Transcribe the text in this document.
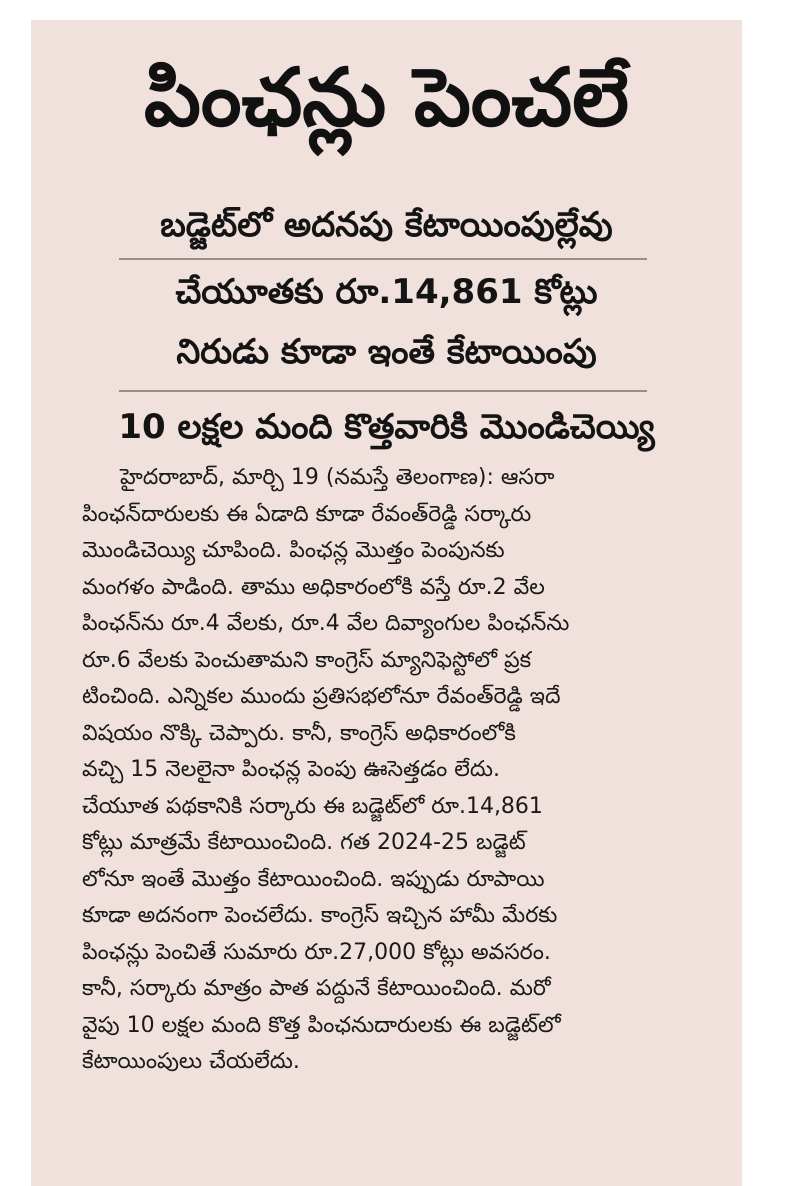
పింఛన్లు పెంచలే
బడ్జెట్‌లో అదనపు కేటాయింపుల్లేవు
చేయూతకు రూ.14,861 కోట్లు
నిరుడు కూడా ఇంతే కేటాయింపు
10 లక్షల మంది కొత్తవారికి మొండిచెయ్యి
హైదరాబాద్, మార్చి 19 (నమస్తే తెలంగాణ): ఆసరా
పింఛన్‌దారులకు ఈ ఏడాది కూడా రేవంత్‌రెడ్డి సర్కారు
మొండిచెయ్యి చూపింది. పింఛన్ల మొత్తం పెంపునకు
మంగళం పాడింది. తాము అధికారంలోకి వస్తే రూ.2 వేల
పింఛన్‌ను రూ.4 వేలకు, రూ.4 వేల దివ్యాంగుల పింఛన్‌ను
రూ.6 వేలకు పెంచుతామని కాంగ్రెస్ మ్యానిఫెస్టోలో ప్రక
టించింది. ఎన్నికల ముందు ప్రతిసభలోనూ రేవంత్‌రెడ్డి ఇదే
విషయం నొక్కి చెప్పారు. కానీ, కాంగ్రెస్ అధికారంలోకి
వచ్చి 15 నెలలైనా పింఛన్ల పెంపు ఊసెత్తడం లేదు.
చేయూత పథకానికి సర్కారు ఈ బడ్జెట్‌లో రూ.14,861
కోట్లు మాత్రమే కేటాయించింది. గత 2024-25 బడ్జెట్
లోనూ ఇంతే మొత్తం కేటాయించింది. ఇప్పుడు రూపాయి
కూడా అదనంగా పెంచలేదు. కాంగ్రెస్ ఇచ్చిన హామీ మేరకు
పింఛన్లు పెంచితే సుమారు రూ.27,000 కోట్లు అవసరం.
కానీ, సర్కారు మాత్రం పాత పద్దునే కేటాయించింది. మరో
వైపు 10 లక్షల మంది కొత్త పింఛనుదారులకు ఈ బడ్జెట్‌లో
కేటాయింపులు చేయలేదు.
